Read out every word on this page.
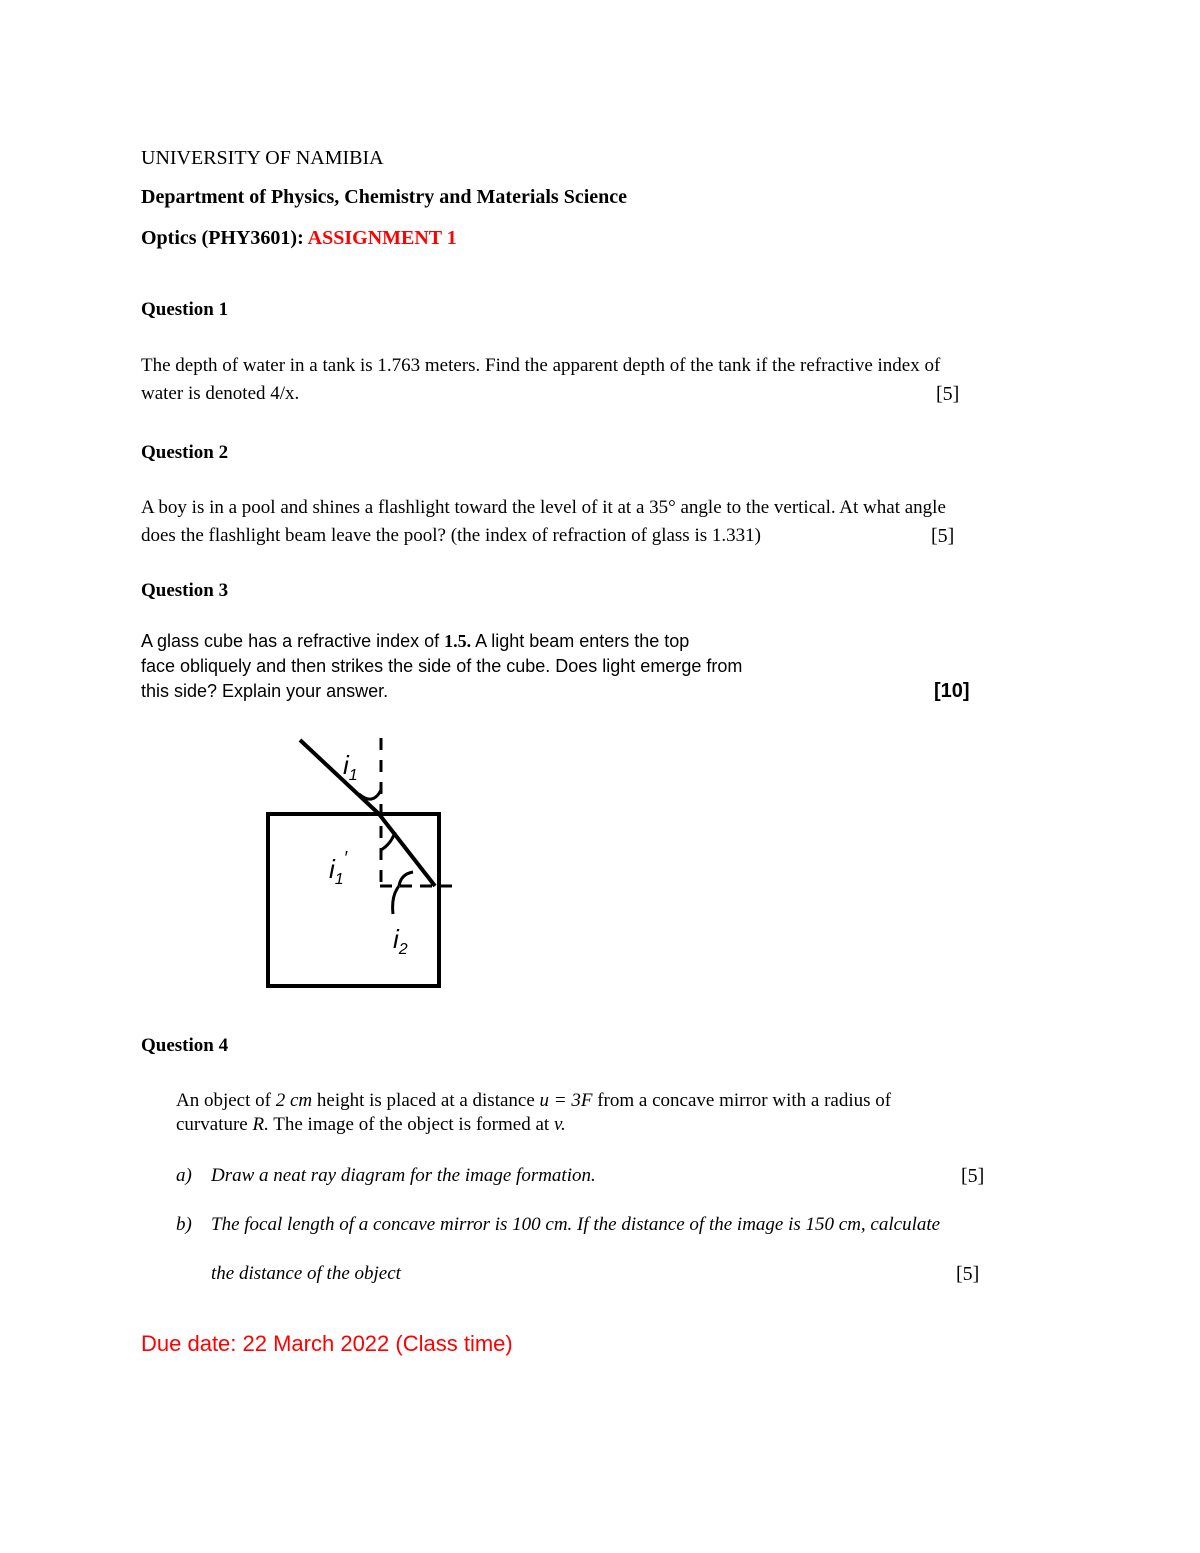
UNIVERSITY OF NAMIBIA

Department of Physics, Chemistry and Materials Science

Optics (PHY3601): ASSIGNMENT 1

Question 1

The depth of water in a tank is 1.763 meters. Find the apparent depth of the tank if the refractive index of

water is denoted 4/x.	[5]

Question 2

A boy is in a pool and shines a flashlight toward the level of it at a 35° angle to the vertical. At what angle

does the flashlight beam leave the pool? (the index of refraction of glass is 1.331)	[5]

Question 3

A glass cube has a refractive index of 1.5. A light beam enters the top

face obliquely and then strikes the side of the cube. Does light emerge from

this side? Explain your answer.	[10]
$i_1$
$i_1'$
$i_2$

Question 4

An object of 2 cm height is placed at a distance u = 3F from a concave mirror with a radius of

curvature R. The image of the object is formed at v.

a) Draw a neat ray diagram for the image formation.	[5]

b) The focal length of a concave mirror is 100 cm. If the distance of the image is 150 cm, calculate

the distance of the object	[5]

Due date: 22 March 2022 (Class time)
